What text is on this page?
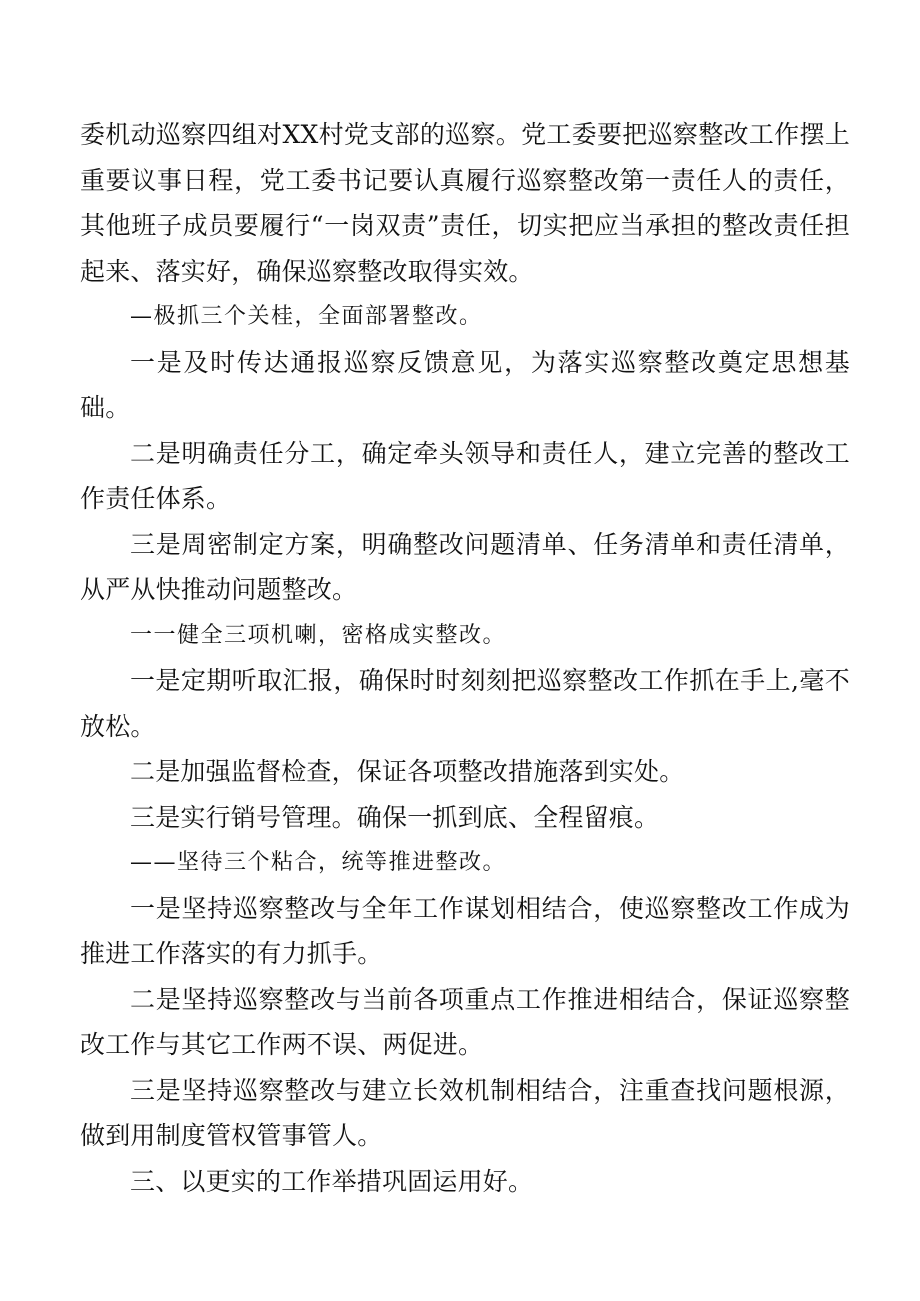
委机动巡察四组对XX村党支部的巡察。党工委要把巡察整改工作摆上重要议事日程，党工委书记要认真履行巡察整改第一责任人的责任，其他班子成员要履行“一岗双责”责任，切实把应当承担的整改责任担起来、落实好，确保巡察整改取得实效。

—极抓三个关桂，全面部署整改。

一是及时传达通报巡察反馈意见，为落实巡察整改奠定思想基础。

二是明确责任分工，确定牵头领导和责任人，建立完善的整改工作责任体系。

三是周密制定方案，明确整改问题清单、任务清单和责任清单，从严从快推动问题整改。

一一健全三项机喇，密格成实整改。

一是定期听取汇报，确保时时刻刻把巡察整改工作抓在手上,毫不放松。

二是加强监督检查，保证各项整改措施落到实处。

三是实行销号管理。确保一抓到底、全程留痕。

——坚待三个粘合，统等推进整改。

一是坚持巡察整改与全年工作谋划相结合，使巡察整改工作成为推进工作落实的有力抓手。

二是坚持巡察整改与当前各项重点工作推进相结合，保证巡察整改工作与其它工作两不误、两促进。

三是坚持巡察整改与建立长效机制相结合，注重查找问题根源，做到用制度管权管事管人。

三、以更实的工作举措巩固运用好。
